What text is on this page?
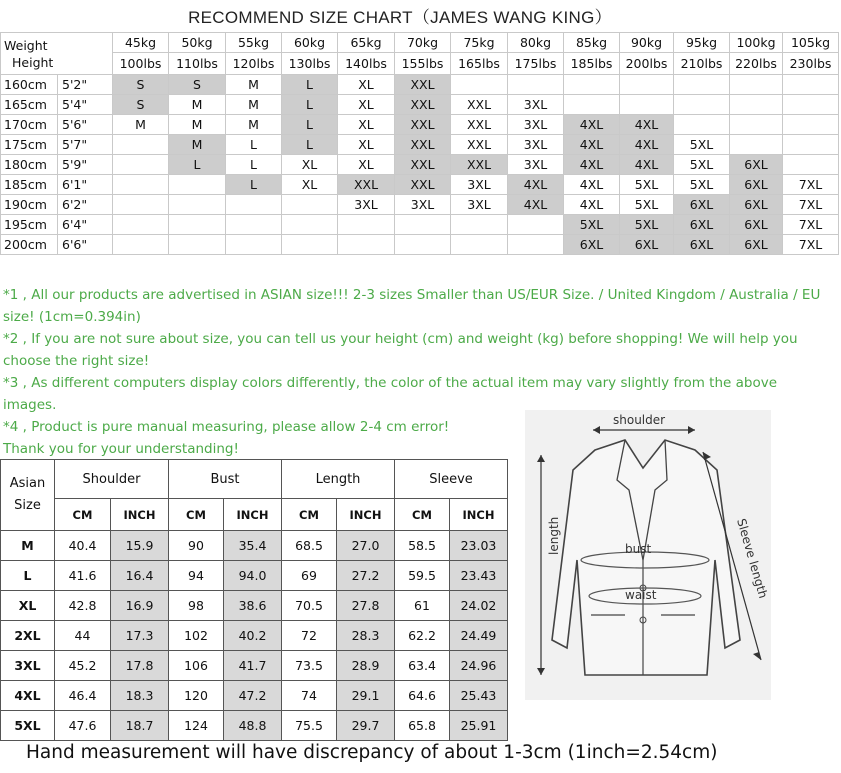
RECOMMEND SIZE CHART（JAMES WANG KING）
Weight
Height		45kg	50kg	55kg	60kg	65kg	70kg	75kg	80kg	85kg	90kg	95kg	100kg	105kg
		100lbs	110lbs	120lbs	130lbs	140lbs	155lbs	165lbs	175lbs	185lbs	200lbs	210lbs	220lbs	230lbs
160cm	5'2"	S	S	M	L	XL	XXL							
165cm	5'4"	S	M	M	L	XL	XXL	XXL	3XL					
170cm	5'6"	M	M	M	L	XL	XXL	XXL	3XL	4XL	4XL			
175cm	5'7"		M	L	L	XL	XXL	XXL	3XL	4XL	4XL	5XL		
180cm	5'9"		L	L	XL	XL	XXL	XXL	3XL	4XL	4XL	5XL	6XL	
185cm	6'1"			L	XL	XXL	XXL	3XL	4XL	4XL	5XL	5XL	6XL	7XL
190cm	6'2"					3XL	3XL	3XL	4XL	4XL	5XL	6XL	6XL	7XL
195cm	6'4"									5XL	5XL	6XL	6XL	7XL
200cm	6'6"									6XL	6XL	6XL	6XL	7XL
*1 , All our products are advertised in ASIAN size!!! 2-3 sizes Smaller than US/EUR Size. / United Kingdom / Australia / EU size! (1cm=0.394in)
*2 , If you are not sure about size, you can tell us your height (cm) and weight (kg) before shopping! We will help you choose the right size!
*3 , As different computers display colors differently, the color of the actual item may vary slightly from the above images.
*4 , Product is pure manual measuring, please allow 2-4 cm error!
Thank you for your understanding!
Asian Size	Shoulder		Bust		Length		Sleeve	
	CM	INCH	CM	INCH	CM	INCH	CM	INCH
M	40.4	15.9	90	35.4	68.5	27.0	58.5	23.03
L	41.6	16.4	94	94.0	69	27.2	59.5	23.43
XL	42.8	16.9	98	38.6	70.5	27.8	61	24.02
2XL	44	17.3	102	40.2	72	28.3	62.2	24.49
3XL	45.2	17.8	106	41.7	73.5	28.9	63.4	24.96
4XL	46.4	18.3	120	47.2	74	29.1	64.6	25.43
5XL	47.6	18.7	124	48.8	75.5	29.7	65.8	25.91
shoulder
bust
waist
length	Sleeve length
Hand measurement will have discrepancy of about 1-3cm (1inch=2.54cm)
